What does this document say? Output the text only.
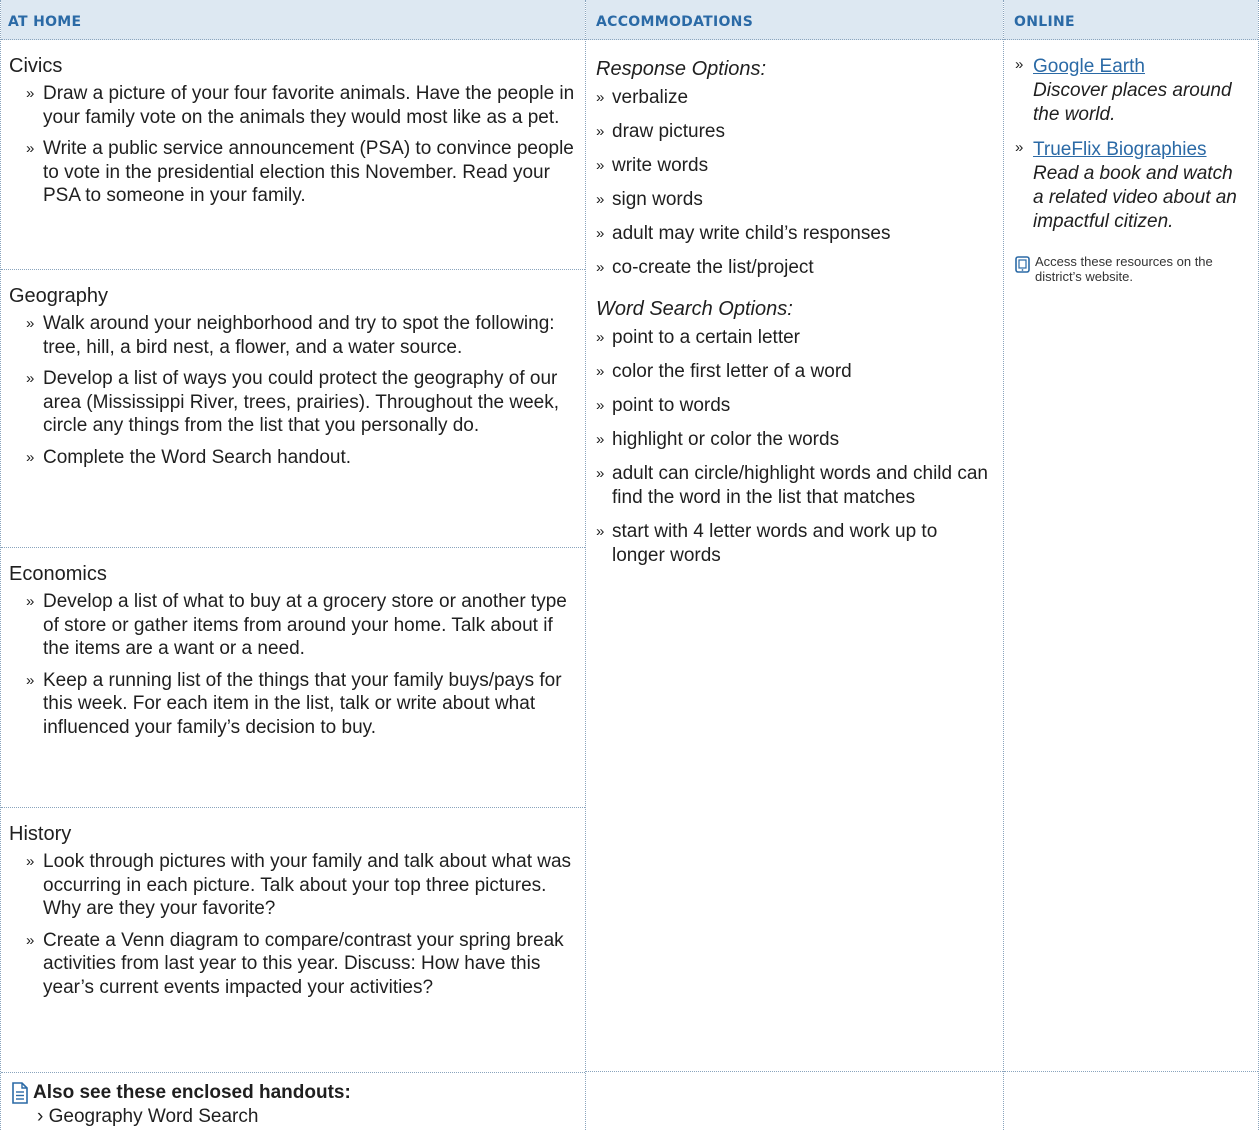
AT HOME
Civics
» Draw a picture of your four favorite animals. Have the people in your family vote on the animals they would most like as a pet.
» Write a public service announcement (PSA) to convince people to vote in the presidential election this November. Read your PSA to someone in your family.
Geography
» Walk around your neighborhood and try to spot the following: tree, hill, a bird nest, a flower, and a water source.
» Develop a list of ways you could protect the geography of our area (Mississippi River, trees, prairies). Throughout the week, circle any things from the list that you personally do.
» Complete the Word Search handout.
Economics
» Develop a list of what to buy at a grocery store or another type of store or gather items from around your home. Talk about if the items are a want or a need.
» Keep a running list of the things that your family buys/pays for this week. For each item in the list, talk or write about what influenced your family’s decision to buy.
History
» Look through pictures with your family and talk about what was occurring in each picture. Talk about your top three pictures. Why are they your favorite?
» Create a Venn diagram to compare/contrast your spring break activities from last year to this year. Discuss: How have this year’s current events impacted your activities?
Also see these enclosed handouts:
› Geography Word Search
ACCOMMODATIONS
Response Options:
» verbalize
» draw pictures
» write words
» sign words
» adult may write child’s responses
» co-create the list/project
Word Search Options:
» point to a certain letter
» color the first letter of a word
» point to words
» highlight or color the words
» adult can circle/highlight words and child can find the word in the list that matches
» start with 4 letter words and work up to longer words
ONLINE
» Google Earth
Discover places around the world.
» TrueFlix Biographies
Read a book and watch a related video about an impactful citizen.
Access these resources on the district’s website.
